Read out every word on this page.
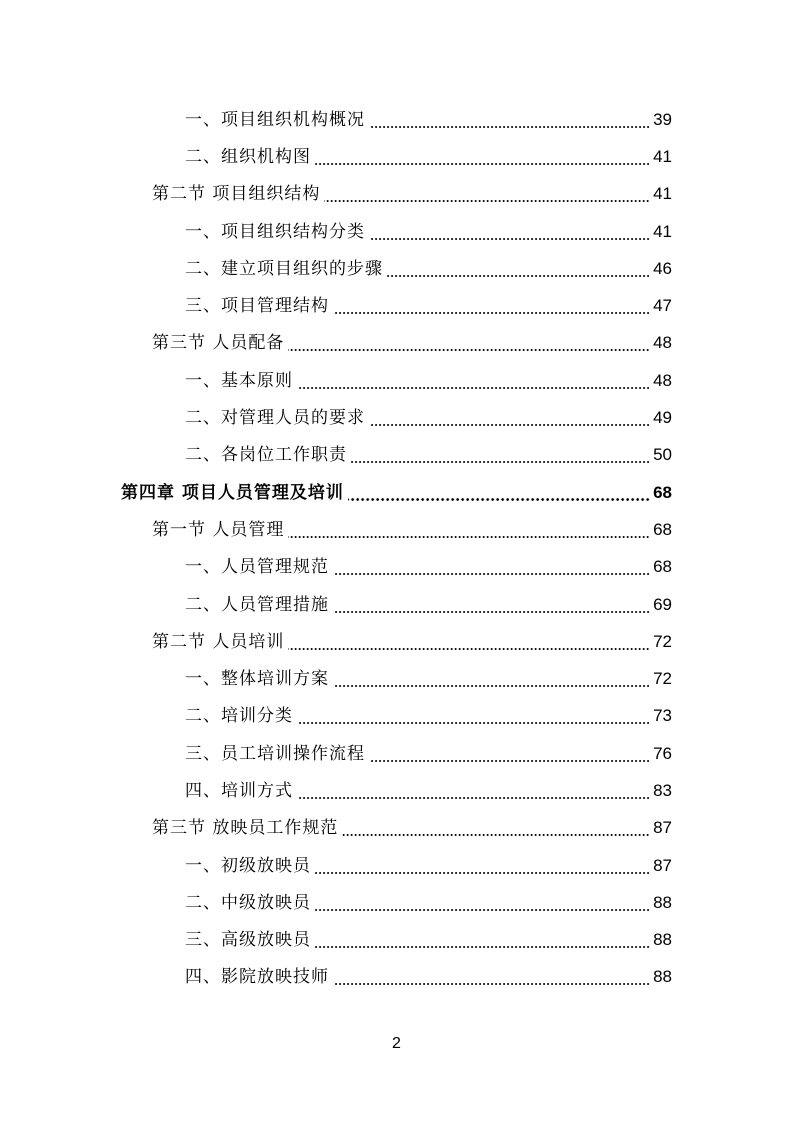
一、项目组织机构概况	39
二、组织机构图	41
第二节 项目组织结构	41
一、项目组织结构分类	41
二、建立项目组织的步骤	46
三、项目管理结构	47
第三节 人员配备	48
一、基本原则	48
二、对管理人员的要求	49
二、各岗位工作职责	50
第四章 项目人员管理及培训	68
第一节 人员管理	68
一、人员管理规范	68
二、人员管理措施	69
第二节 人员培训	72
一、整体培训方案	72
二、培训分类	73
三、员工培训操作流程	76
四、培训方式	83
第三节 放映员工作规范	87
一、初级放映员	87
二、中级放映员	88
三、高级放映员	88
四、影院放映技师	88
2
